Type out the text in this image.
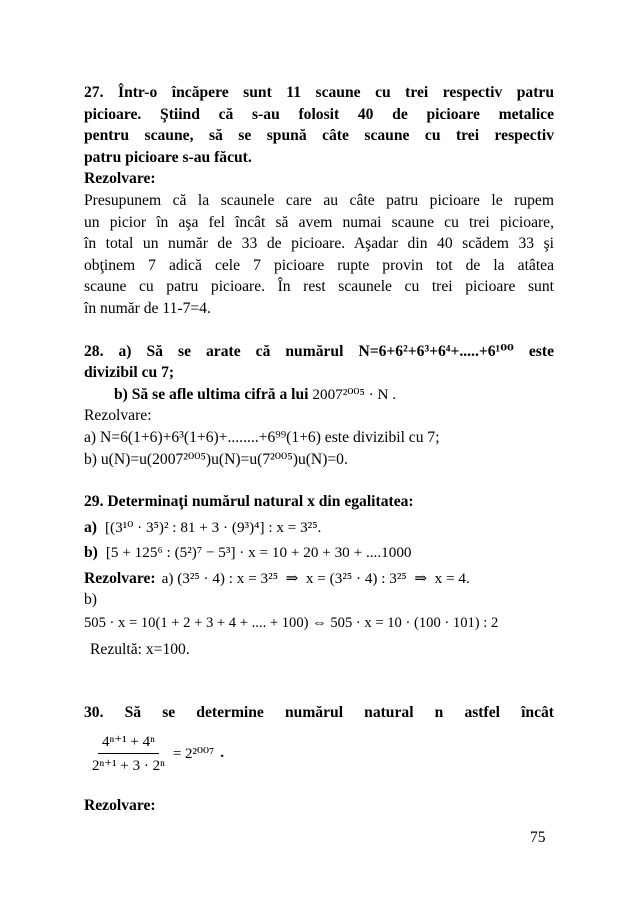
27. Într-o încăpere sunt 11 scaune cu trei respectiv patru

picioare. Ştiind că s-au folosit 40 de picioare metalice

pentru scaune, să se spună câte scaune cu trei respectiv

patru picioare s-au făcut.

Rezolvare:

Presupunem că la scaunele care au câte patru picioare le rupem

un picior în aşa fel încât să avem numai scaune cu trei picioare,

în total un număr de 33 de picioare. Aşadar din 40 scădem 33 şi

obţinem 7 adică cele 7 picioare rupte provin tot de la atâtea

scaune cu patru picioare. În rest scaunele cu trei picioare sunt

în număr de 11-7=4.

28. a) Să se arate că numărul N=6+6²+6³+6⁴+.....+6¹⁰⁰ este

divizibil cu 7;

b) Să se afle ultima cifră a lui 2007²⁰⁰⁵ · N .

Rezolvare:

a) N=6(1+6)+6³(1+6)+........+6⁹⁹(1+6) este divizibil cu 7;

b) u(N)=u(2007²⁰⁰⁵)u(N)=u(7²⁰⁰⁵)u(N)=0.

29. Determinaţi numărul natural x din egalitatea:

a) [(3¹⁰ · 3⁵)² : 81 + 3 · (9³)⁴] : x = 3²⁵.

b) [5 + 125⁶ : (5²)⁷ − 5³] · x = 10 + 20 + 30 + ....1000

Rezolvare: a) (3²⁵ · 4) : x = 3²⁵  ⇒  x = (3²⁵ · 4) : 3²⁵  ⇒  x = 4.

b)

505 · x = 10(1 + 2 + 3 + 4 + .... + 100) ⇔ 505 · x = 10 · (100 · 101) : 2

Rezultă: x=100.

30. Să se determine numărul natural n astfel încât

$\frac{\text{4ⁿ⁺¹ + 4ⁿ}}{\text{2ⁿ⁺¹ + 3 · 2ⁿ}} = 2^{2007}$ .

Rezolvare:

75
